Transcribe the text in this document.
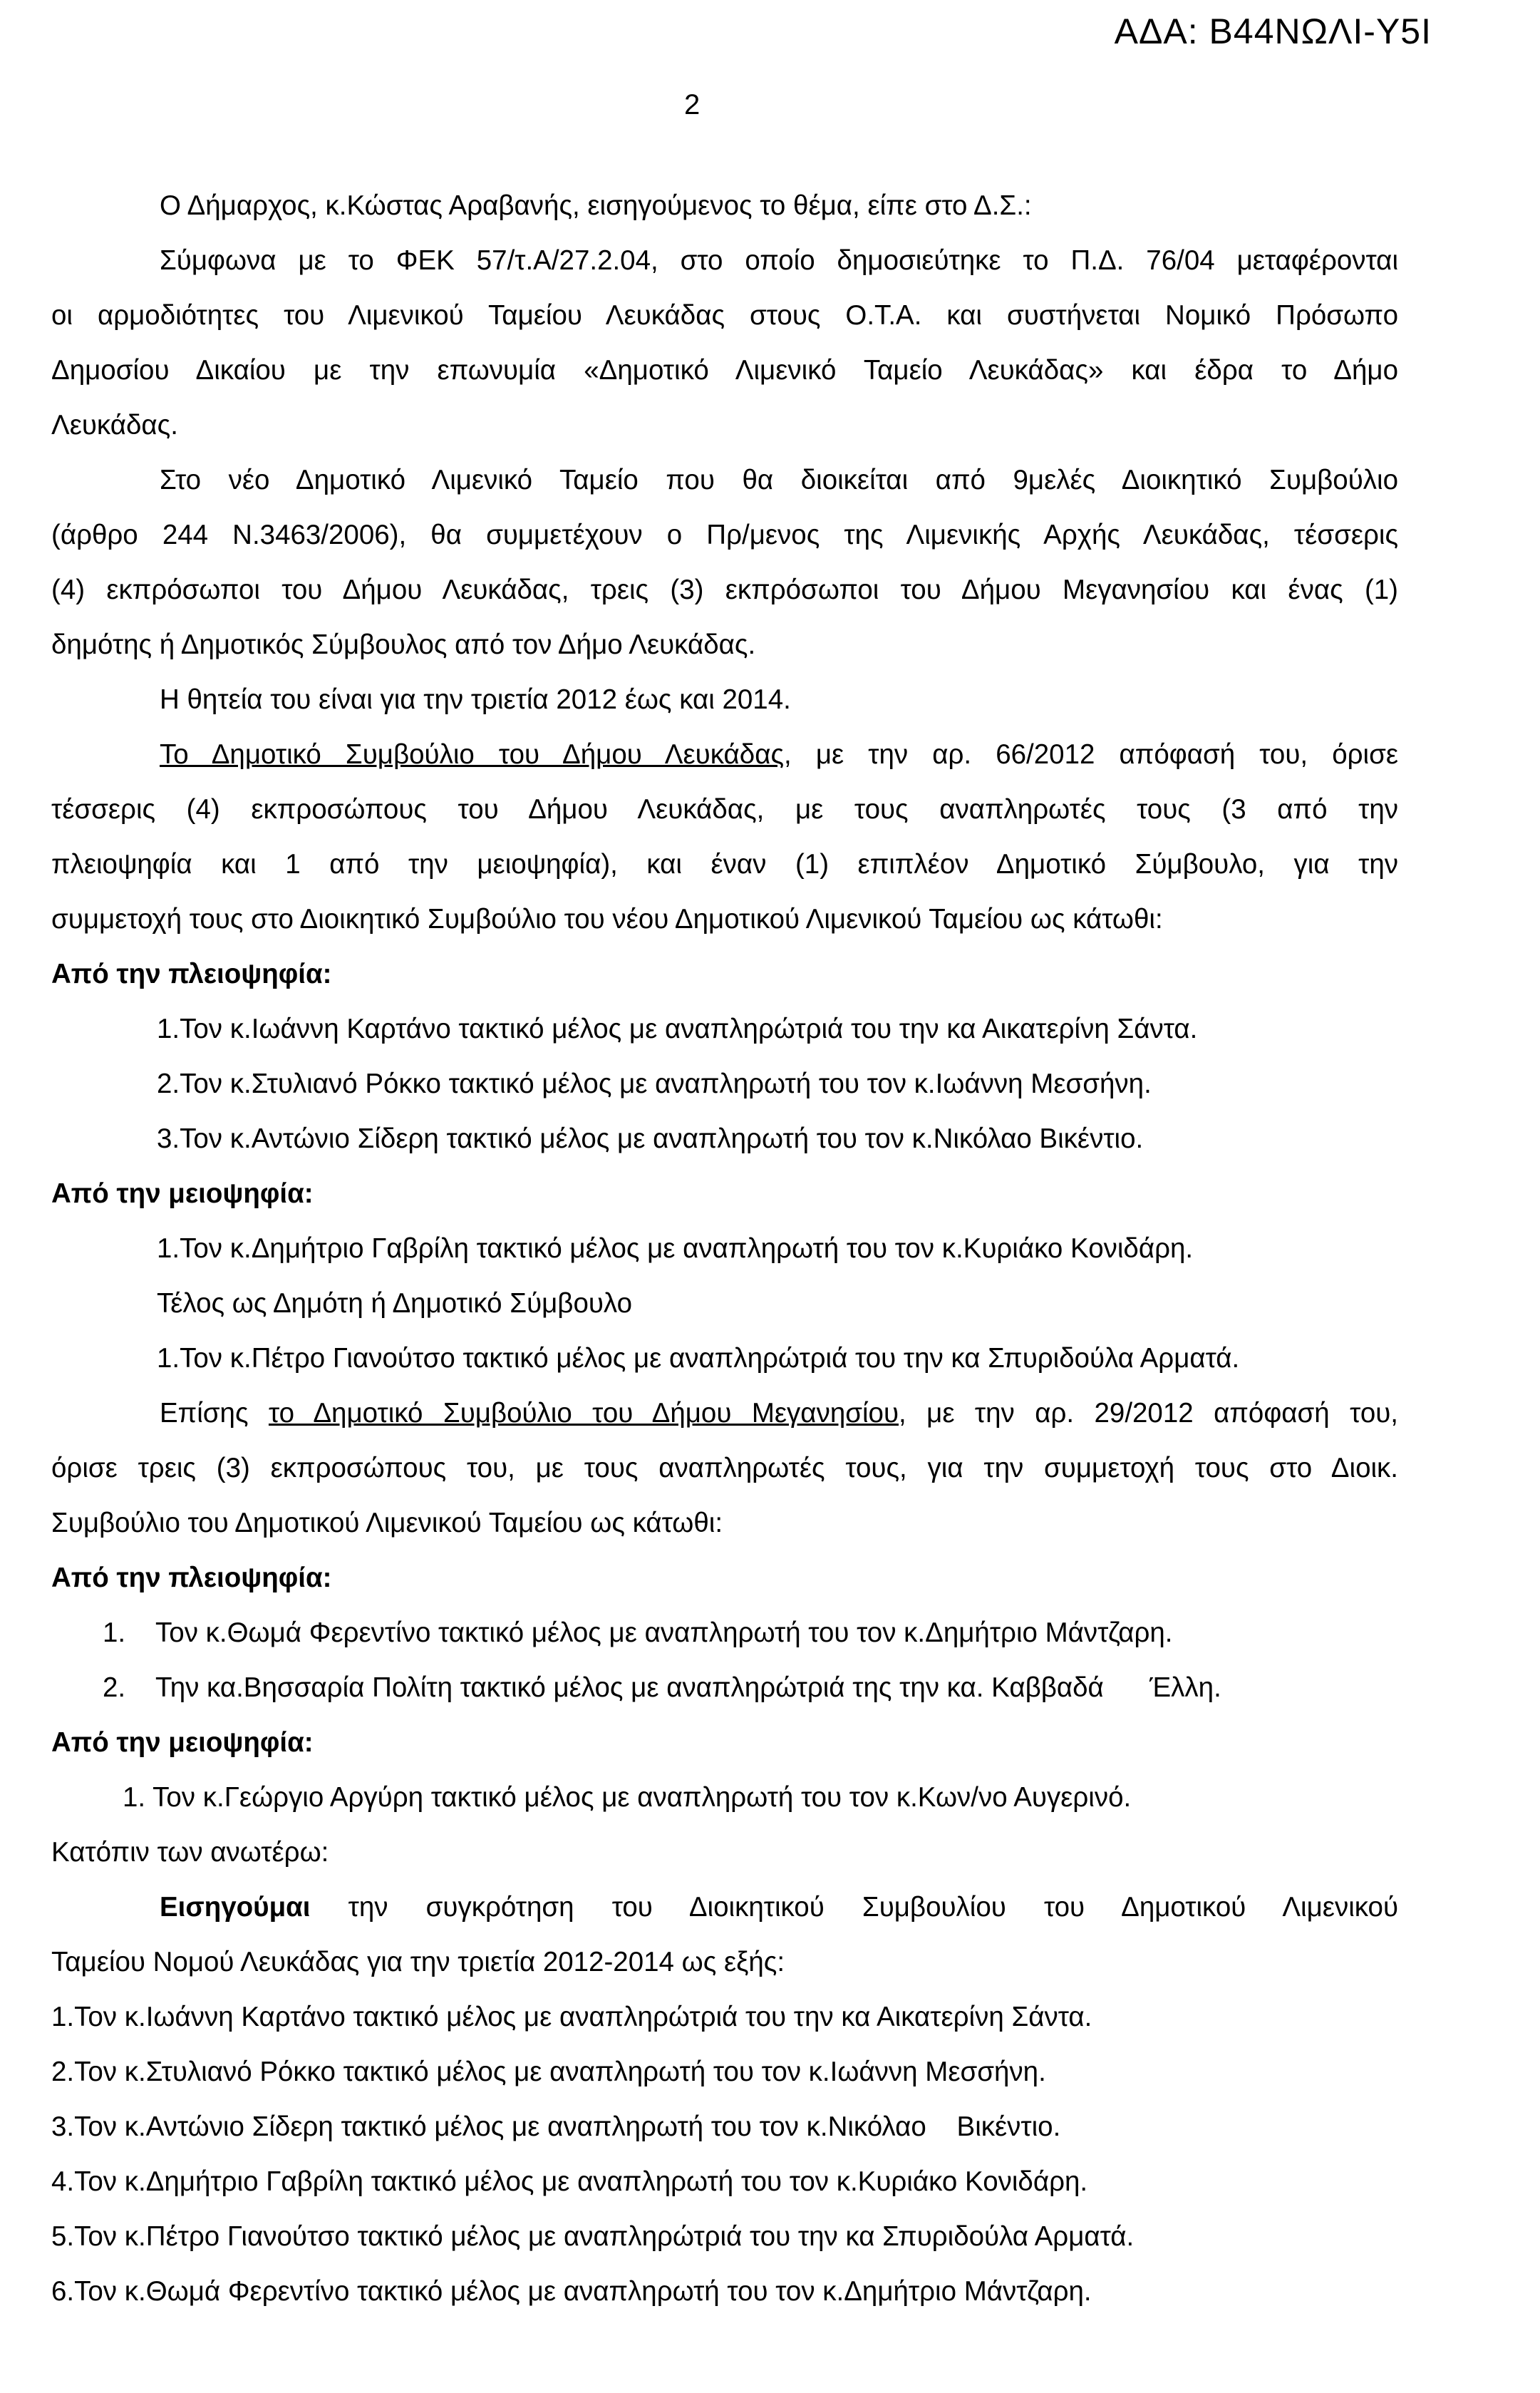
ΑΔΑ: Β44ΝΩΛΙ-Υ5Ι
2
Ο Δήμαρχος, κ.Κώστας Αραβανής, εισηγούμενος το θέμα, είπε στο Δ.Σ.:
Σύμφωνα με το ΦΕΚ 57/τ.Α/27.2.04, στο οποίο δημοσιεύτηκε το Π.Δ. 76/04 μεταφέρονται
οι αρμοδιότητες του Λιμενικού Ταμείου Λευκάδας στους Ο.Τ.Α. και συστήνεται Νομικό Πρόσωπο
Δημοσίου Δικαίου με την επωνυμία «Δημοτικό Λιμενικό Ταμείο Λευκάδας» και έδρα το Δήμο
Λευκάδας.
Στο νέο Δημοτικό Λιμενικό Ταμείο που θα διοικείται από 9μελές Διοικητικό Συμβούλιο
(άρθρο 244 Ν.3463/2006), θα συμμετέχουν ο Πρ/μενος της Λιμενικής Αρχής Λευκάδας, τέσσερις
(4) εκπρόσωποι του Δήμου Λευκάδας, τρεις (3) εκπρόσωποι του Δήμου Μεγανησίου και ένας (1)
δημότης ή Δημοτικός Σύμβουλος από τον Δήμο Λευκάδας.
Η θητεία του είναι για την τριετία 2012 έως και 2014.
Το Δημοτικό Συμβούλιο του Δήμου Λευκάδας, με την αρ. 66/2012 απόφασή του, όρισε
τέσσερις (4) εκπροσώπους του Δήμου Λευκάδας, με τους αναπληρωτές τους (3 από την
πλειοψηφία και 1 από την μειοψηφία), και έναν (1) επιπλέον Δημοτικό Σύμβουλο, για την
συμμετοχή τους στο Διοικητικό Συμβούλιο του νέου Δημοτικού Λιμενικού Ταμείου ως κάτωθι:
Από την πλειοψηφία:
1.Τον κ.Ιωάννη Καρτάνο τακτικό μέλος με αναπληρώτριά του την κα Αικατερίνη Σάντα.
2.Τον κ.Στυλιανό Ρόκκο τακτικό μέλος με αναπληρωτή του τον κ.Ιωάννη Μεσσήνη.
3.Τον κ.Αντώνιο Σίδερη τακτικό μέλος με αναπληρωτή του τον κ.Νικόλαο Βικέντιο.
Από την μειοψηφία:
1.Τον κ.Δημήτριο Γαβρίλη τακτικό μέλος με αναπληρωτή του τον κ.Κυριάκο Κονιδάρη.
Τέλος ως Δημότη ή Δημοτικό Σύμβουλο
1.Τον κ.Πέτρο Γιανούτσο τακτικό μέλος με αναπληρώτριά του την κα Σπυριδούλα Αρματά.
Επίσης το Δημοτικό Συμβούλιο του Δήμου Μεγανησίου, με την αρ. 29/2012 απόφασή του,
όρισε τρεις (3) εκπροσώπους του, με τους αναπληρωτές τους, για την συμμετοχή τους στο Διοικ.
Συμβούλιο του Δημοτικού Λιμενικού Ταμείου ως κάτωθι:
Από την πλειοψηφία:
1. Τον κ.Θωμά Φερεντίνο τακτικό μέλος με αναπληρωτή του τον κ.Δημήτριο Μάντζαρη.
2. Την κα.Βησσαρία Πολίτη τακτικό μέλος με αναπληρώτριά της την κα. Καββαδά      Έλλη.
Από την μειοψηφία:
1. Τον κ.Γεώργιο Αργύρη τακτικό μέλος με αναπληρωτή του τον κ.Κων/νο Αυγερινό.
Κατόπιν των ανωτέρω:
Εισηγούμαι την συγκρότηση του Διοικητικού Συμβουλίου του Δημοτικού Λιμενικού
Ταμείου Νομού Λευκάδας για την τριετία 2012-2014 ως εξής:
1.Τον κ.Ιωάννη Καρτάνο τακτικό μέλος με αναπληρώτριά του την κα Αικατερίνη Σάντα.
2.Τον κ.Στυλιανό Ρόκκο τακτικό μέλος με αναπληρωτή του τον κ.Ιωάννη Μεσσήνη.
3.Τον κ.Αντώνιο Σίδερη τακτικό μέλος με αναπληρωτή του τον κ.Νικόλαο    Βικέντιο.
4.Τον κ.Δημήτριο Γαβρίλη τακτικό μέλος με αναπληρωτή του τον κ.Κυριάκο Κονιδάρη.
5.Τον κ.Πέτρο Γιανούτσο τακτικό μέλος με αναπληρώτριά του την κα Σπυριδούλα Αρματά.
6.Τον κ.Θωμά Φερεντίνο τακτικό μέλος με αναπληρωτή του τον κ.Δημήτριο Μάντζαρη.
